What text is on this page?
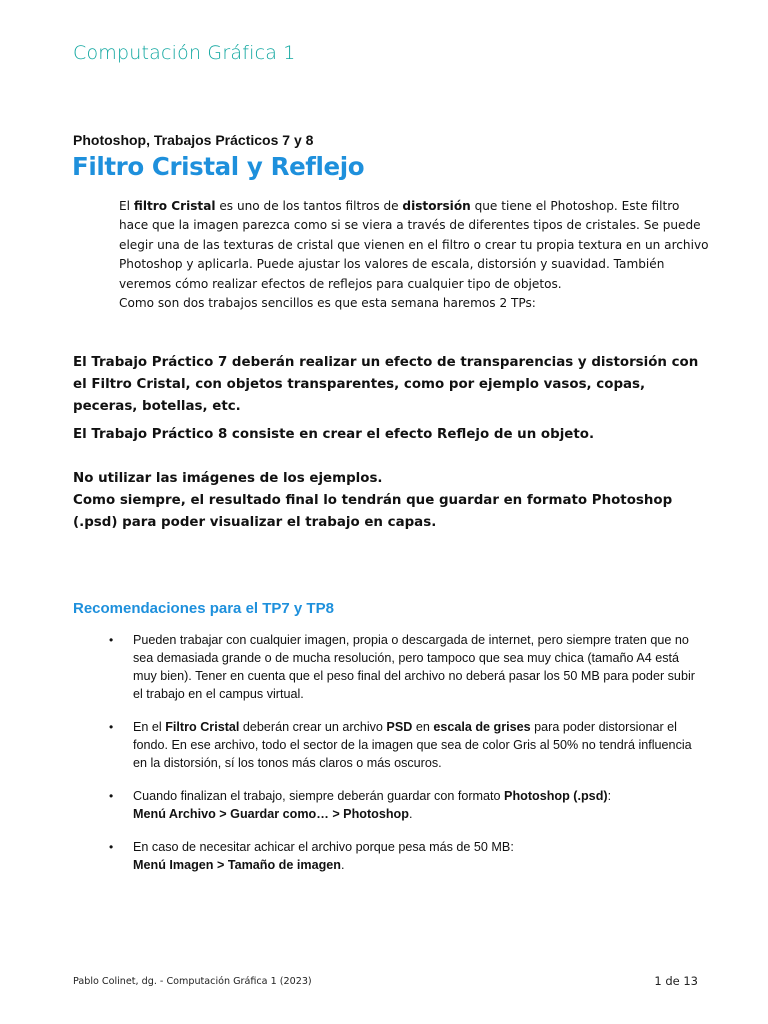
Computación Gráfica 1
Photoshop, Trabajos Prácticos 7 y 8
Filtro Cristal y Reflejo

El filtro Cristal es uno de los tantos filtros de distorsión que tiene el Photoshop. Este filtro hace que la imagen parezca como si se viera a través de diferentes tipos de cristales. Se puede elegir una de las texturas de cristal que vienen en el filtro o crear tu propia textura en un archivo Photoshop y aplicarla. Puede ajustar los valores de escala, distorsión y suavidad. También veremos cómo realizar efectos de reflejos para cualquier tipo de objetos.

Como son dos trabajos sencillos es que esta semana haremos 2 TPs:

El Trabajo Práctico 7 deberán realizar un efecto de transparencias y distorsión con el Filtro Cristal, con objetos transparentes, como por ejemplo vasos, copas, peceras, botellas, etc.

El Trabajo Práctico 8 consiste en crear el efecto Reflejo de un objeto.

No utilizar las imágenes de los ejemplos.

Como siempre, el resultado final lo tendrán que guardar en formato Photoshop (.psd) para poder visualizar el trabajo en capas.

Recomendaciones para el TP7 y TP8
• Pueden trabajar con cualquier imagen, propia o descargada de internet, pero siempre traten que no sea demasiada grande o de mucha resolución, pero tampoco que sea muy chica (tamaño A4 está muy bien). Tener en cuenta que el peso final del archivo no deberá pasar los 50 MB para poder subir el trabajo en el campus virtual.
• En el Filtro Cristal deberán crear un archivo PSD en escala de grises para poder distorsionar el fondo. En ese archivo, todo el sector de la imagen que sea de color Gris al 50% no tendrá influencia en la distorsión, sí los tonos más claros o más oscuros.
• Cuando finalizan el trabajo, siempre deberán guardar con formato Photoshop (.psd):
Menú Archivo > Guardar como… > Photoshop.
• En caso de necesitar achicar el archivo porque pesa más de 50 MB:
Menú Imagen > Tamaño de imagen.
Pablo Colinet, dg. - Computación Gráfica 1 (2023)	1 de 13
